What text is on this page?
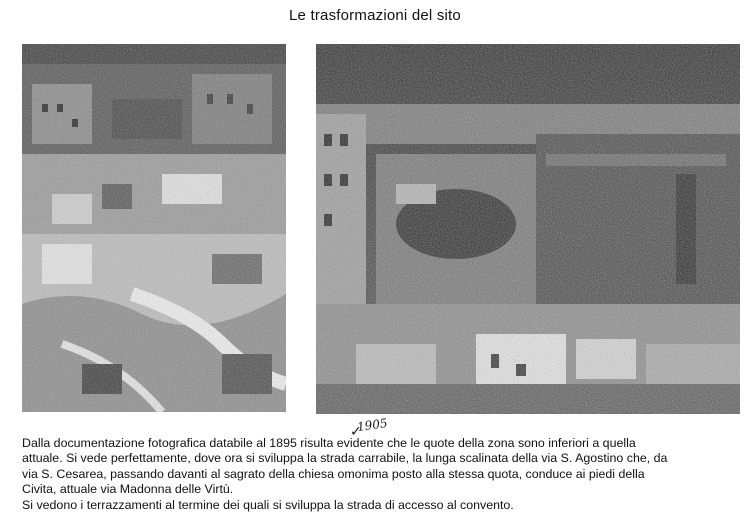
Le trasformazioni del sito
✓
1905

Dalla documentazione fotografica databile al 1895 risulta evidente che le quote della zona sono inferiori a quella

attuale. Si vede perfettamente, dove ora si sviluppa la strada carrabile, la lunga scalinata della via S. Agostino che, da

via S. Cesarea, passando davanti al sagrato della chiesa omonima posto alla stessa quota, conduce ai piedi della

Civita, attuale via Madonna delle Virtù.

Si vedono i terrazzamenti al termine dei quali si sviluppa la strada di accesso al convento.
